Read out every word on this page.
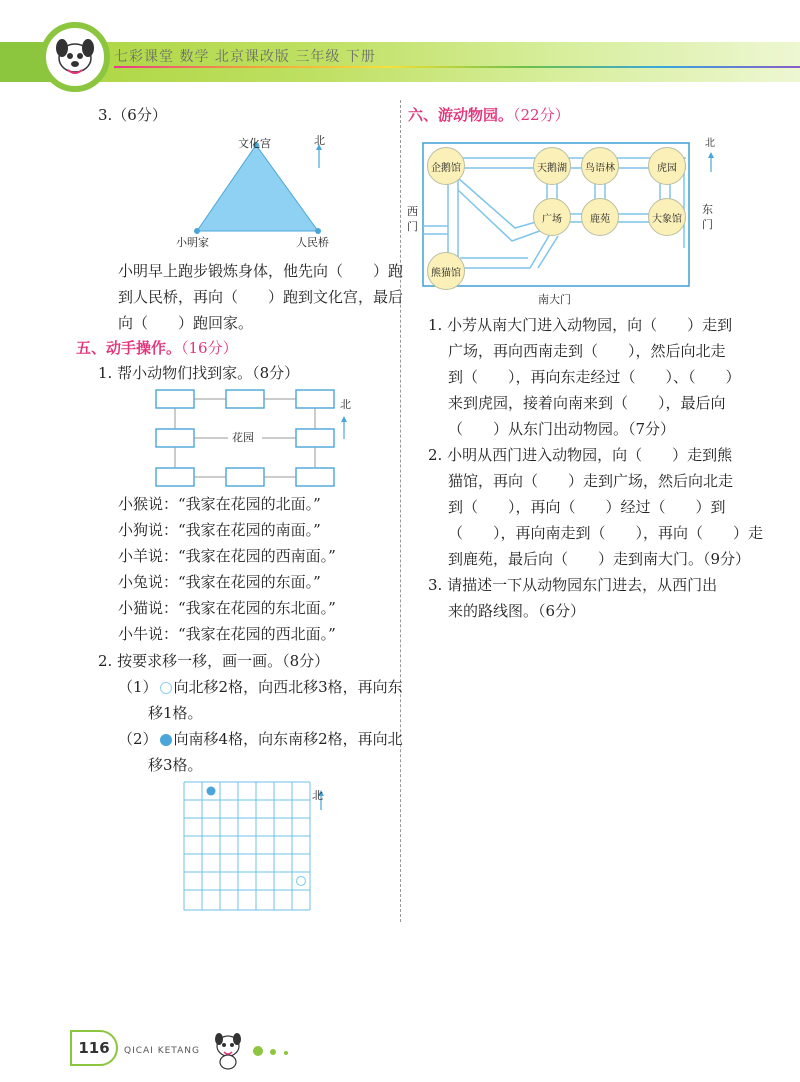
七彩课堂 数学 北京课改版 三年级 下册
3.（6分）
文化宫	北
小明家	人民桥
小明早上跑步锻炼身体，他先向（　　）跑
到人民桥，再向（　　）跑到文化宫，最后
向（　　）跑回家。
五、动手操作。（16分）
1. 帮小动物们找到家。（8分）
花园
北
小猴说：“我家在花园的北面。”
小狗说：“我家在花园的南面。”
小羊说：“我家在花园的西南面。”
小兔说：“我家在花园的东面。”
小猫说：“我家在花园的东北面。”
小牛说：“我家在花园的西北面。”
2. 按要求移一移，画一画。（8分）
（1） 向北移2格，向西北移3格，再向东
移1格。
（2） 向南移4格，向东南移2格，再向北
移3格。
北
六、游动物园。（22分）
企鹅馆	天鹅湖	鸟语林	虎园
广场	鹿苑	大象馆
熊猫馆
北
西
门
东
门
南大门
1. 小芳从南大门进入动物园，向（　　）走到
广场，再向西南走到（　　），然后向北走
到（　　），再向东走经过（　　）、（　　）
来到虎园，接着向南来到（　　），最后向
（　　）从东门出动物园。（7分）
2. 小明从西门进入动物园，向（　　）走到熊
猫馆，再向（　　）走到广场，然后向北走
到（　　），再向（　　）经过（　　）到
（　　），再向南走到（　　），再向（　　）走
到鹿苑，最后向（　　）走到南大门。（9分）
3. 请描述一下从动物园东门进去，从西门出
来的路线图。（6分）
116	QICAI KETANG
